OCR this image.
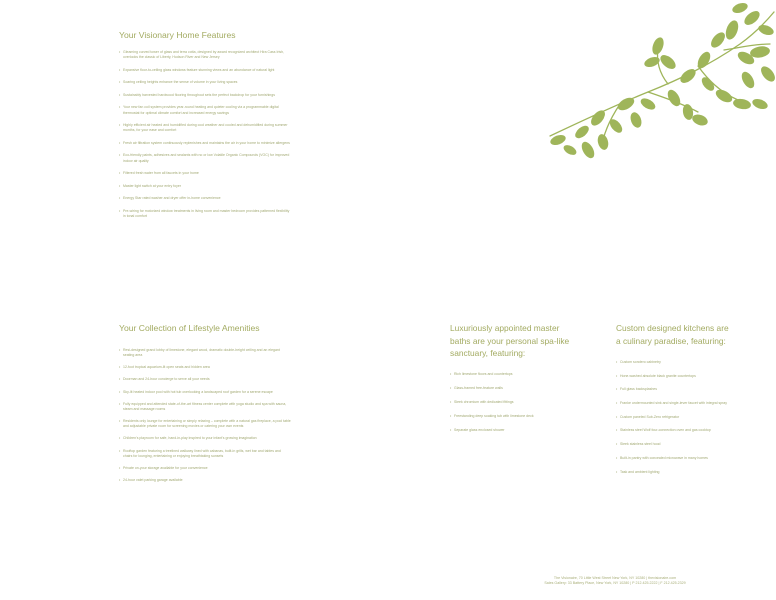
Your Visionary Home Features
• Gleaming curved tower of glass and terra cotta, designed by award recognized architect Hira Cass Irish, overlooks the classic of Liberty, Hudson River and New Jersey
• Expansive floor-to-ceiling glass windows feature stunning views and an abundance of natural light
• Soaring ceiling heights enhance the sense of volume in your living spaces
• Sustainably harvested hardwood flooring throughout sets the perfect backdrop for your furnishings
• Your new fan coil system provides year-round heating and quieter cooling via a programmable digital thermostat for optimal climate comfort and increased energy savings
• Highly efficient air heated and humidified during cool weather and cooled and dehumidified during summer months, for your ease and comfort
• Fresh air filtration system continuously replenishes and maintains the air in your home to minimize allergens
• Eco-friendly paints, adhesives and sealants with no or low Volatile Organic Compounds (VOC) for improved indoor air quality
• Filtered fresh water from all faucets in your home
• Master light switch at your entry foyer
• Energy Star rated washer and dryer offer in-home convenience
• Pre-wiring for motorized window treatments in living room and master bedroom provides patterned flexibility in tonal comfort
Your Collection of Lifestyle Amenities
• Resi-designed grand lobby of limestone, elegant wood, dramatic double-height ceiling and an elegant seating area
• 12-foot tropical aquarium-lit open seats and hidden area
• Doorman and 24-hour concierge to serve all your needs
• Sky-lit heated indoor pool with hot tub overlooking a landscaped roof garden for a serene escape
• Fully equipped and attended state-of-the-art fitness center complete with yoga studio and spa with sauna, steam and massage rooms
• Residents only lounge for entertaining or simply relaxing – complete with a natural gas fireplace, a pool table and adjustable private room for screening movies or catering your own events
• Children's playroom for safe, hand-in-play inspired to your infant's growing imagination
• Rooftop garden featuring a treelined walkway lined with cabanas, built-in grills, wet bar and tables and chairs for lounging, entertaining or enjoying breathtaking sunsets
• Private on-your storage available for your convenience
• 24-hour valet parking garage available
Luxuriously appointed master
baths are your personal spa-like
sanctuary, featuring:
• Rich limestone floors and countertops
• Glass-framed free-feature walls
• Sleek chromium with dedicated fittings
• Freestanding deep soaking tub with limestone deck
• Separate glass enclosed shower
Custom designed kitchens are
a culinary paradise, featuring:
• Custom sondero cabinetry
• Hone-washed absolute black granite countertops
• Full glass backsplashes
• Franke undermounted sink and single-lever faucet with integral spray
• Custom paneled Sub-Zero refrigerator
• Stainless steel Wolf four-connection oven and gas cooktop
• Sleek stainless steel hood
• Built-in pantry with concealed microwave in many homes
• Task and ambient lighting
The Visionaire, 70 Little West Street New York, NY 10280 | thevisionaire.com
Sales Gallery: 33 Battery Place, New York, NY 10280 | P 212.425.2222 | F 212.425.2329
